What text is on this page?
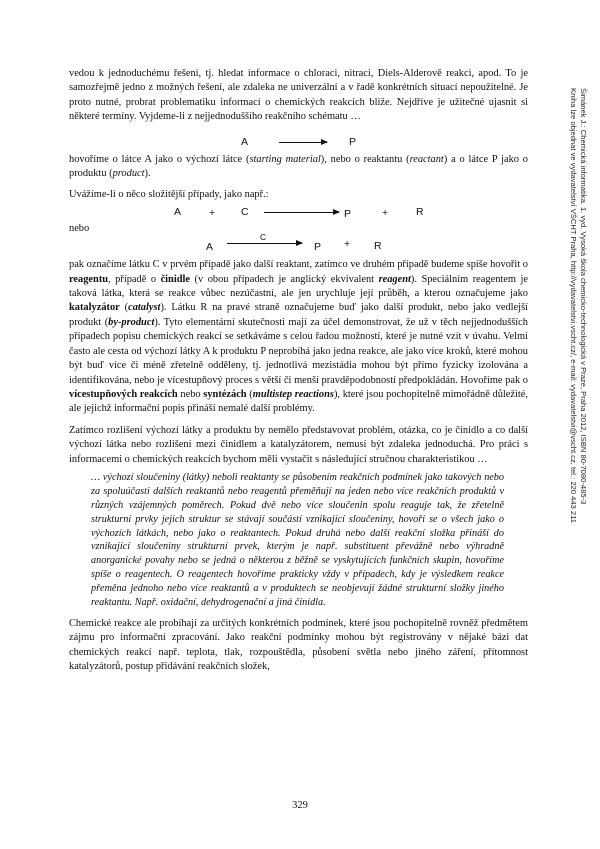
Šimánek J.: Chemická informatika. 1. vyd. Vysoká škola chemicko-technologická v Praze, Praha 2012, ISBN 80-7080-485-3
Kniha lze objednat ve vydavatelství VŠCHT Praha, http://vydavatelstvi.vscht.cz/, e-mail: vydavatelstvi@vscht.cz, tel.: 220 443 211

vedou k jednoduchému řešení, tj. hledat informace o chloraci, nitraci, Diels-Alderově reakci, apod. To je samozřejmě jedno z možných řešení, ale zdaleka ne univerzální a v řadě konkrétních situací nepoužitelné. Je proto nutné, probrat problematiku informací o chemických reakcích blíže. Nejdříve je užitečné ujasnit si některé termíny. Vyjdeme-li z nejjednoduššího reakčního schématu …

A	P

hovoříme o látce A jako o výchozí látce (starting material), nebo o reaktantu (reactant) a o látce P jako o produktu (product).

Uvážíme-li o něco složitější případy, jako např.:

A	+ C	P	+	R
nebo
A
C
P + R

pak označíme látku C v prvém případě jako další reaktant, zatímco ve druhém případě budeme spíše hovořit o reagentu, případě o činidle (v obou případech je anglický ekvivalent reagent). Speciálním reagentem je taková látka, která se reakce vůbec nezúčastní, ale jen urychluje její průběh, a kterou označujeme jako katalyzátor (catalyst). Látku R na pravé straně označujeme buď jako další produkt, nebo jako vedlejší produkt (by-product). Tyto elementární skutečnosti mají za účel demonstrovat, že už v těch nejjednodušších případech popisu chemických reakcí se setkáváme s celou řadou možností, které je nutné vzít v úvahu. Velmi často ale cesta od výchozí látky A k produktu P neprobíhá jako jedna reakce, ale jako více kroků, které mohou být buď více či méně zřetelně odděleny, tj. jednotlivá mezistádia mohou být přímo fyzicky izolována a identifikována, nebo je vícestupňový proces s větší či menší pravděpodobností předpokládán. Hovoříme pak o vícestupňových reakcích nebo syntézách (multistep reactions), které jsou pochopitelně mimořádně důležité, ale jejichž informační popis přináší nemalé další problémy.

Zatímco rozlišení výchozí látky a produktu by nemělo představovat problém, otázka, co je činidlo a co další výchozí látka nebo rozlišení mezi činidlem a katalyzátorem, nemusí být zdaleka jednoduchá. Pro práci s informacemi o chemických reakcích bychom měli vystačit s následující stručnou charakteristikou …

… výchozí sloučeniny (látky) neboli reaktanty se působením reakčních podmínek jako takových nebo za spoluúčasti dalších reaktantů nebo reagentů přeměňují na jeden nebo více reakčních produktů v různých vzájemných poměrech. Pokud dvě nebo více sloučenin spolu reaguje tak, že zřetelně strukturní prvky jejich struktur se stávají součástí vznikající sloučeniny, hovoří se o všech jako o výchozích látkách, nebo jako o reaktantech. Pokud druhá nebo další reakční složka přináší do vznikající sloučeniny strukturní prvek, kterým je např. substituent převážně nebo výhradně anorganické povahy nebo se jedná o některou z běžně se vyskytujících funkčních skupin, hovoříme spíše o reagentech. O reagentech hovoříme prakticky vždy v případech, kdy je výsledkem reakce přeměna jednoho nebo více reaktantů a v produktech se neobjevují žádné strukturní složky jiného reaktantu. Např. oxidační, dehydrogenační a jiná činidla.

Chemické reakce ale probíhají za určitých konkrétních podmínek, které jsou pochopitelně rovněž předmětem zájmu pro informační zpracování. Jako reakční podmínky mohou být registrovány v nějaké bázi dat chemických reakcí např. teplota, tlak, rozpouštědla, působení světla nebo jiného záření, přítomnost katalyzátorů, postup přidávání reakčních složek,

329
